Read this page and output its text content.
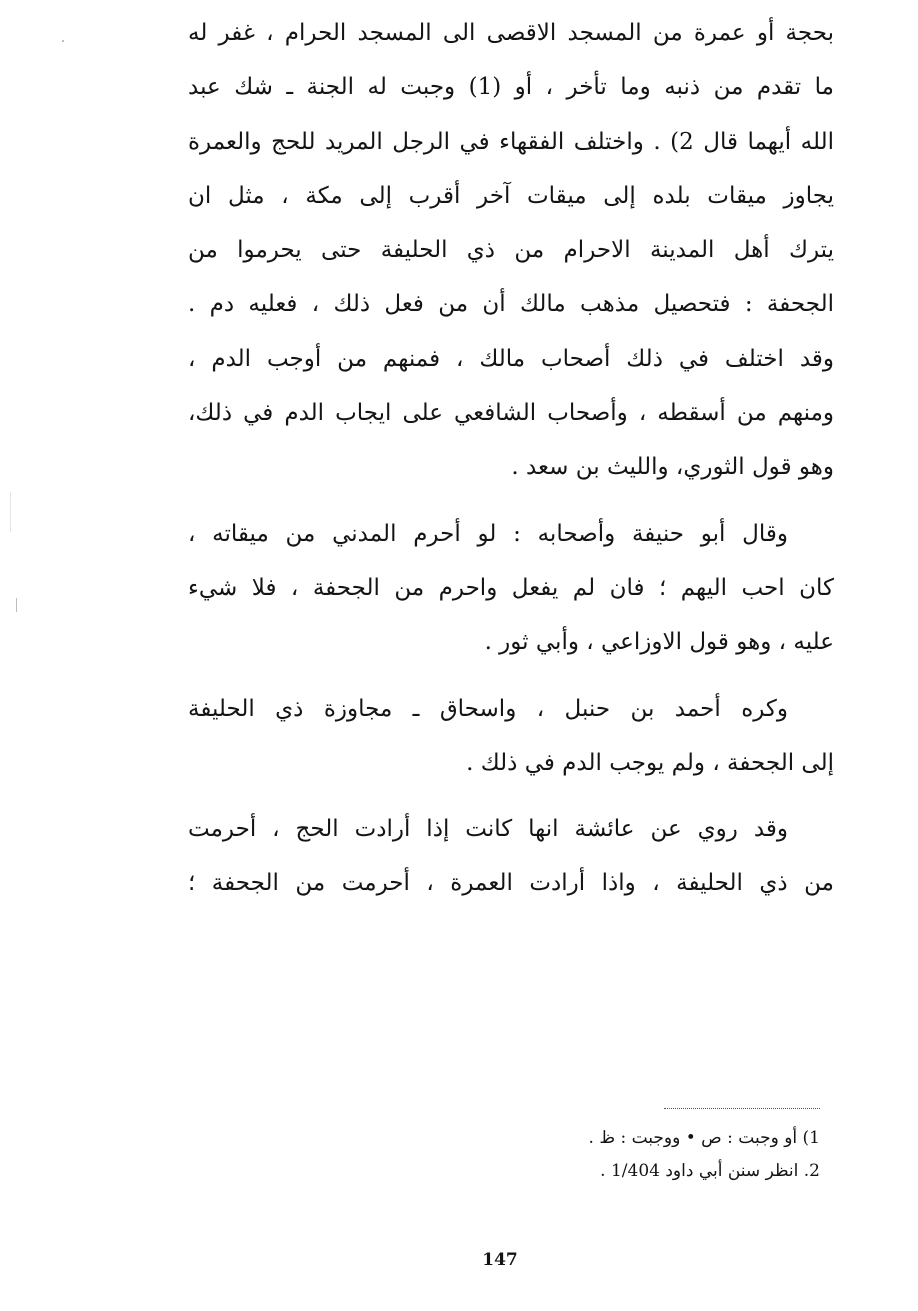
بحجة أو عمرة من المسجد الاقصى الى المسجد الحرام ، غفر له
ما تقدم من ذنبه وما تأخر ، أو (1) وجبت له الجنة ـ شك عبد
الله أيهما قال 2) . واختلف الفقهاء في الرجل المريد للحج والعمرة
يجاوز ميقات بلده إلى ميقات آخر أقرب إلى مكة ، مثل ان
يترك أهل المدينة الاحرام من ذي الحليفة حتى يحرموا من
الجحفة : فتحصيل مذهب مالك أن من فعل ذلك ، فعليه دم .
وقد اختلف في ذلك أصحاب مالك ، فمنهم من أوجب الدم ،
ومنهم من أسقطه ، وأصحاب الشافعي على ايجاب الدم في ذلك،
وهو قول الثوري، والليث بن سعد .
وقال أبو حنيفة وأصحابه : لو أحرم المدني من ميقاته ،
كان احب اليهم ؛ فان لم يفعل واحرم من الجحفة ، فلا شيء
عليه ، وهو قول الاوزاعي ، وأبي ثور .
وكره أحمد بن حنبل ، واسحاق ـ مجاوزة ذي الحليفة
إلى الجحفة ، ولم يوجب الدم في ذلك .
وقد روي عن عائشة انها كانت إذا أرادت الحج ، أحرمت
من ذي الحليفة ، واذا أرادت العمرة ، أحرمت من الجحفة ؛
1) أو وجبت : ص • ووجبت : ظ .
2. انظر سنن أبي داود 1/404 .
147
